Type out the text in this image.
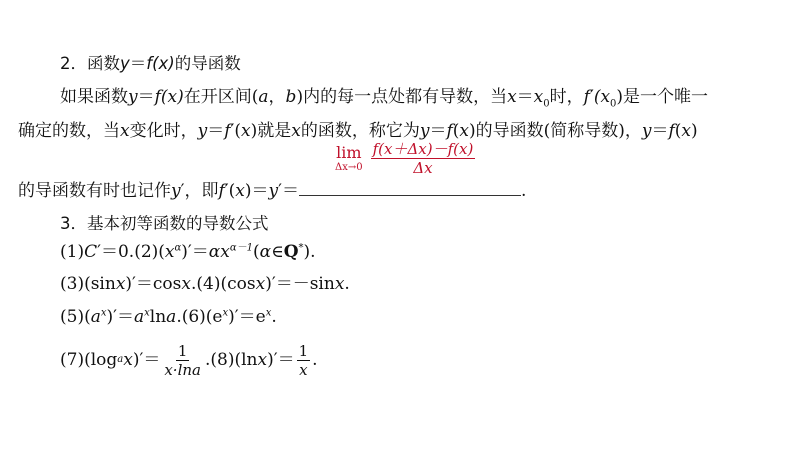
2．函数y＝f(x)的导函数
如果函数y＝f(x)在开区间(a，b)内的每一点处都有导数，当$x=x_0$时，$f'(x_0)$是一个唯一
确定的数，当x变化时，y＝f′(x)就是x的函数，称它为y＝f(x)的导函数(简称导数)，y＝f(x)
lim
$\Delta x\to 0 \frac{f(x+\Delta x)-f(x)}{\Delta x}$
的导函数有时也记作y′，即f′(x)＝y′＝	.
3．基本初等函数的导数公式
$(1)C'=0.(2)(x^\alpha)'=\alpha x^{\alpha-1}(\alpha\in Q^*)$.
(3)(sinx)′＝cosx.(4)(cosx)′＝－sinx.
$(5)(a^x)'=a^x\ln a.(6)(e^x)'=e^x$.
(7)(log a x )′＝ $\frac{1}{x\cdot\ln a} .(8)(\ln$ x )′＝ $\frac{1}{x}$ .
